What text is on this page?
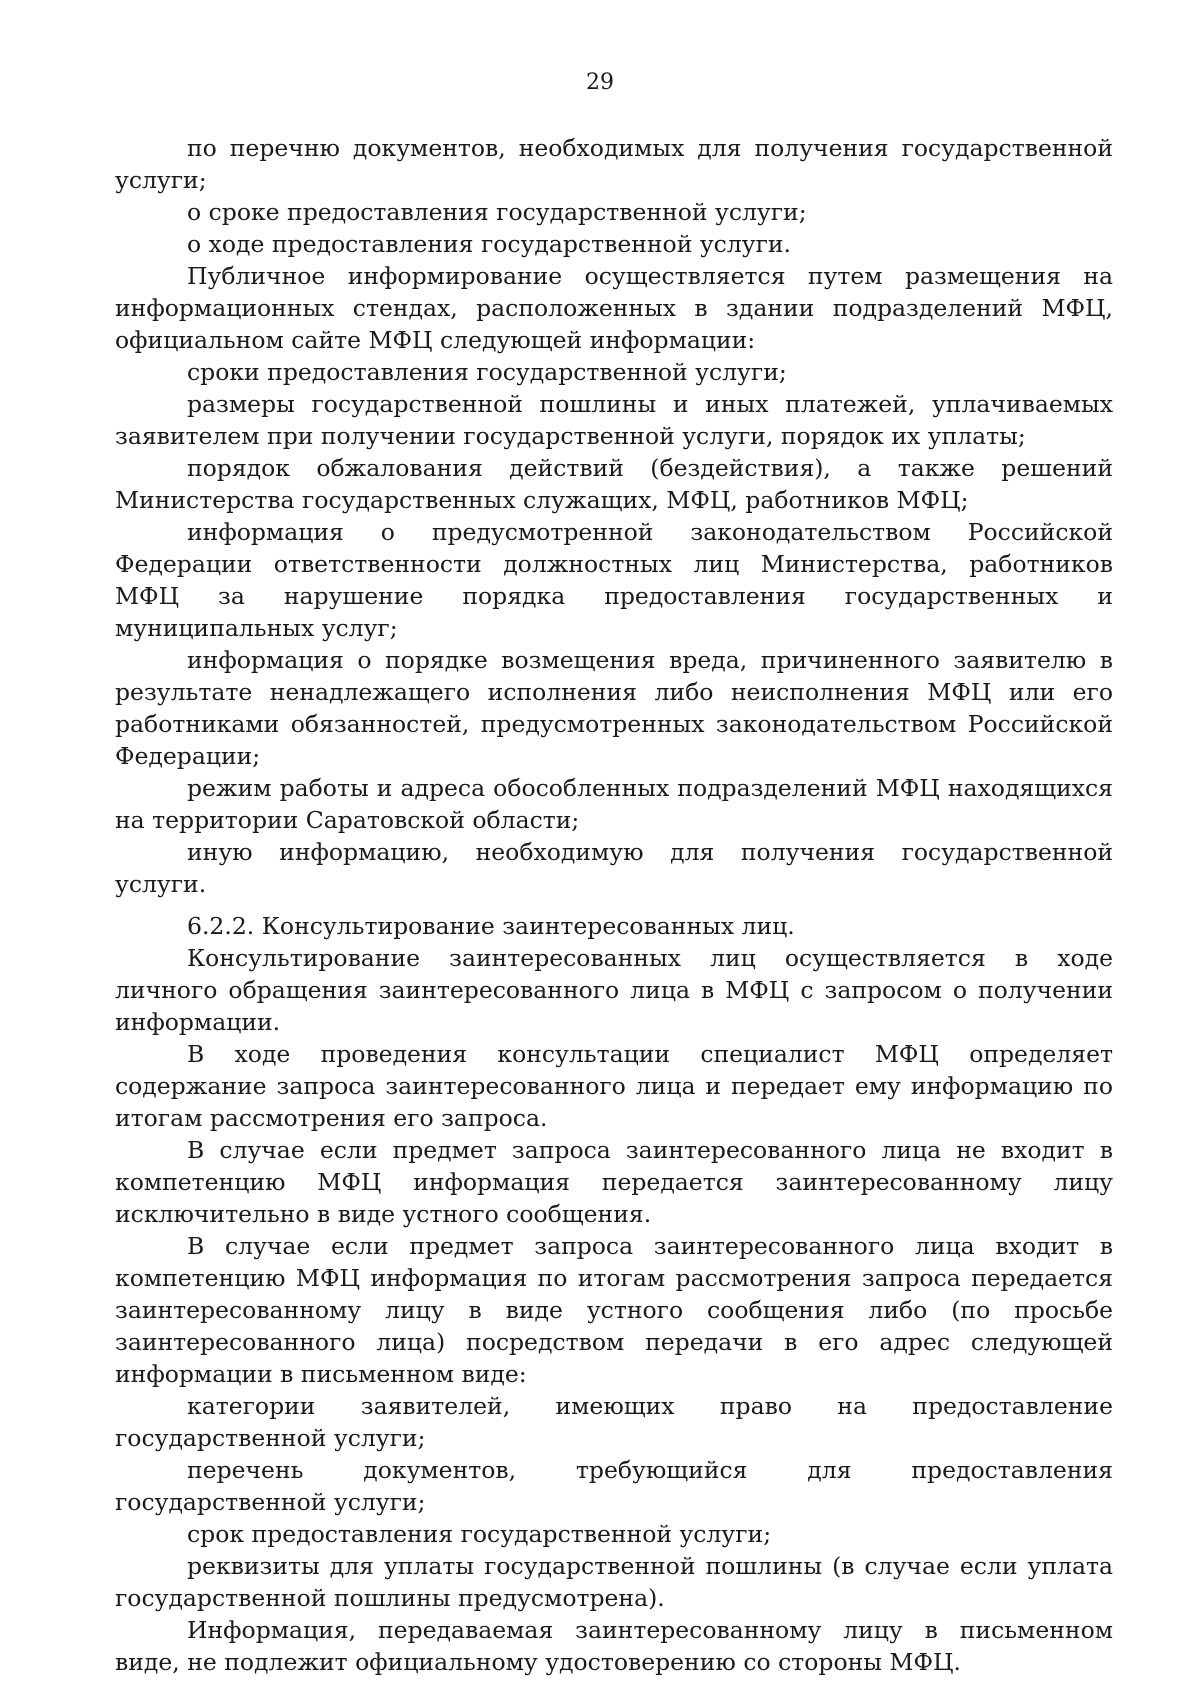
29

по перечню документов, необходимых для получения государственной услуги;

о сроке предоставления государственной услуги;

о ходе предоставления государственной услуги.

Публичное информирование осуществляется путем размещения на информационных стендах, расположенных в здании подразделений МФЦ, официальном сайте МФЦ следующей информации:

сроки предоставления государственной услуги;

размеры государственной пошлины и иных платежей, уплачиваемых заявителем при получении государственной услуги, порядок их уплаты;

порядок обжалования действий (бездействия), а также решений Министерства государственных служащих, МФЦ, работников МФЦ;

информация о предусмотренной законодательством Российской Федерации ответственности должностных лиц Министерства, работников МФЦ за нарушение порядка предоставления государственных и муниципальных услуг;

информация о порядке возмещения вреда, причиненного заявителю в результате ненадлежащего исполнения либо неисполнения МФЦ или его работниками обязанностей, предусмотренных законодательством Российской Федерации;

режим работы и адреса обособленных подразделений МФЦ находящихся на территории Саратовской области;

иную информацию, необходимую для получения государственной услуги.

6.2.2. Консультирование заинтересованных лиц.

Консультирование заинтересованных лиц осуществляется в ходе личного обращения заинтересованного лица в МФЦ с запросом о получении информации.

В ходе проведения консультации специалист МФЦ определяет содержание запроса заинтересованного лица и передает ему информацию по итогам рассмотрения его запроса.

В случае если предмет запроса заинтересованного лица не входит в компетенцию МФЦ информация передается заинтересованному лицу исключительно в виде устного сообщения.

В случае если предмет запроса заинтересованного лица входит в компетенцию МФЦ информация по итогам рассмотрения запроса передается заинтересованному лицу в виде устного сообщения либо (по просьбе заинтересованного лица) посредством передачи в его адрес следующей информации в письменном виде:

категории заявителей, имеющих право на предоставление государственной услуги;

перечень документов, требующийся для предоставления государственной услуги;

срок предоставления государственной услуги;

реквизиты для уплаты государственной пошлины (в случае если уплата государственной пошлины предусмотрена).

Информация, передаваемая заинтересованному лицу в письменном виде, не подлежит официальному удостоверению со стороны МФЦ.
